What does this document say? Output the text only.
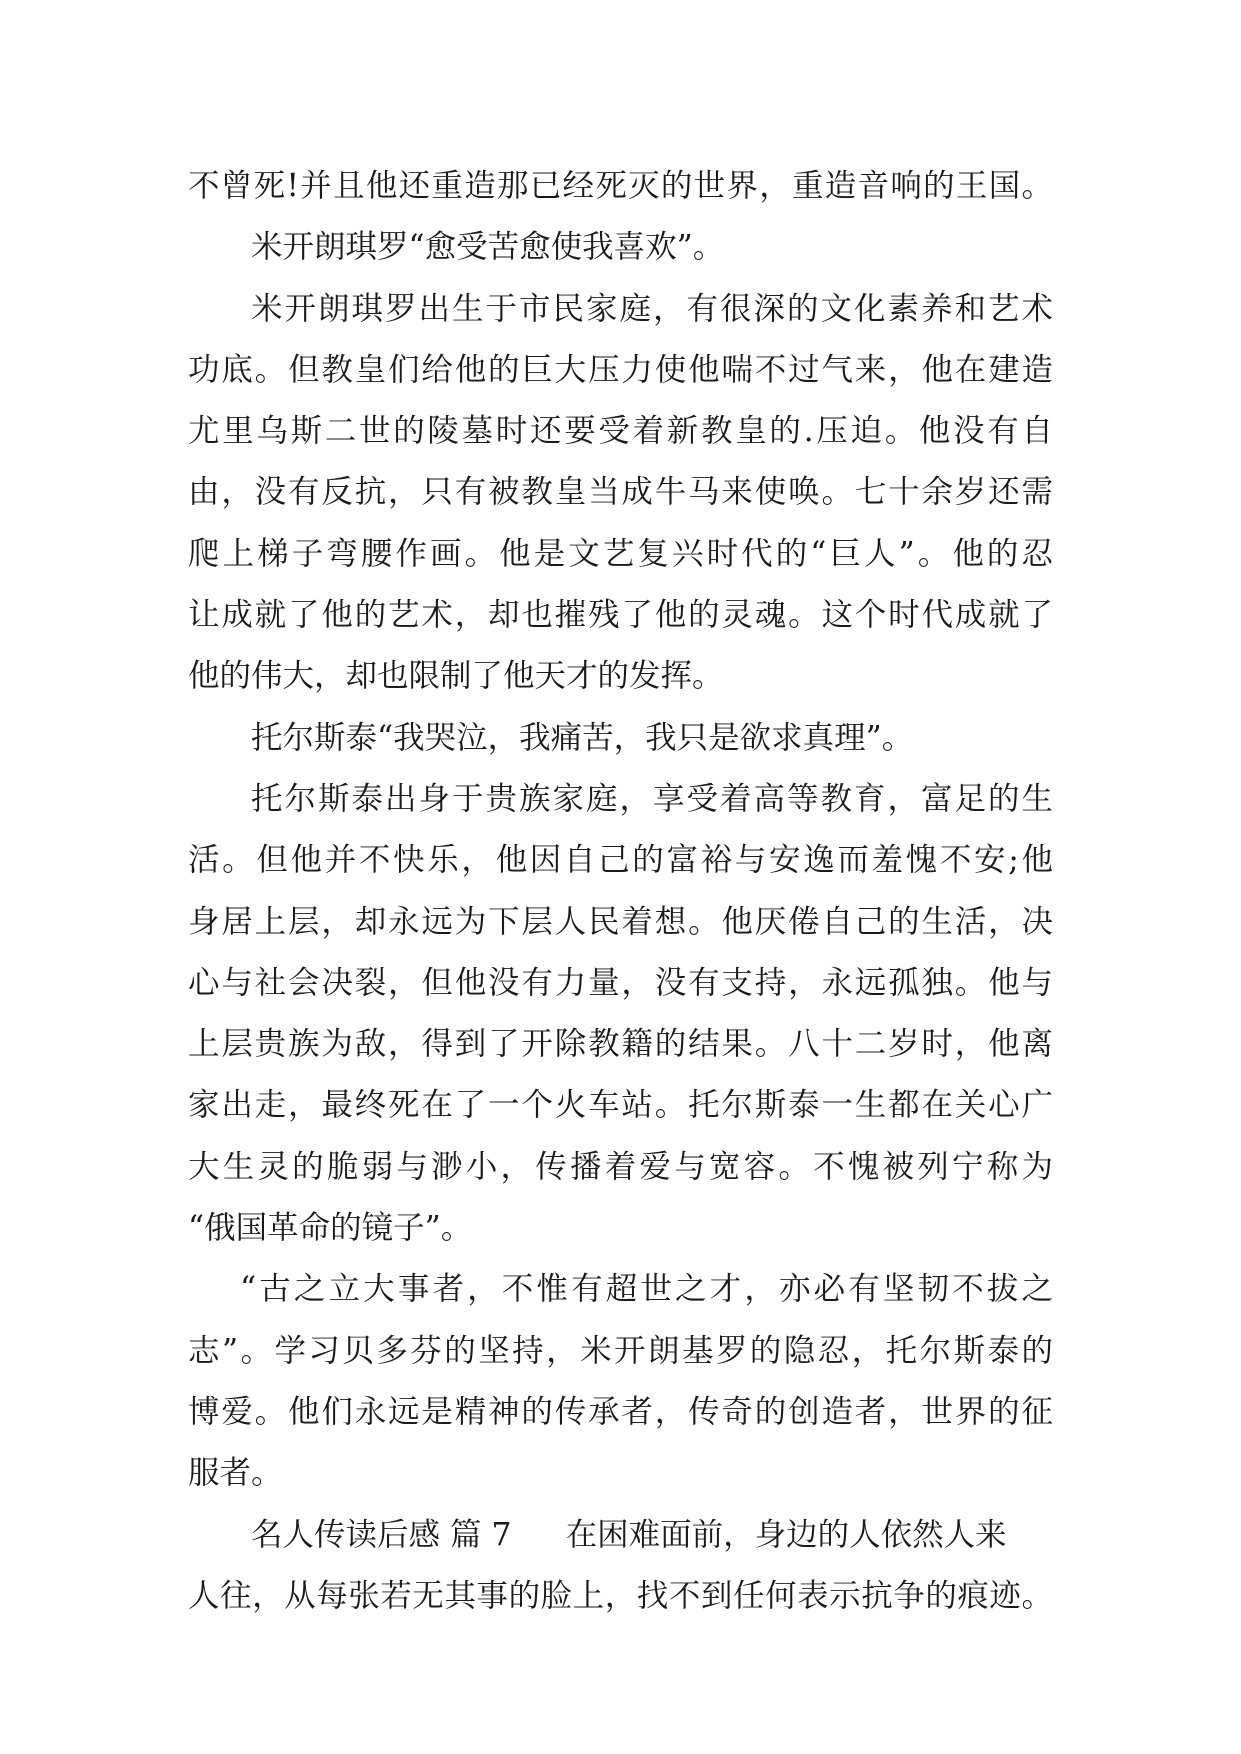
不曾死!并且他还重造那已经死灭的世界，重造音响的王国。
米开朗琪罗“愈受苦愈使我喜欢”。
米开朗琪罗出生于市民家庭，有很深的文化素养和艺术
功底。但教皇们给他的巨大压力使他喘不过气来，他在建造
尤里乌斯二世的陵墓时还要受着新教皇的.压迫。他没有自
由，没有反抗，只有被教皇当成牛马来使唤。七十余岁还需
爬上梯子弯腰作画。他是文艺复兴时代的“巨人”。他的忍
让成就了他的艺术，却也摧残了他的灵魂。这个时代成就了
他的伟大，却也限制了他天才的发挥。
托尔斯泰“我哭泣，我痛苦，我只是欲求真理”。
托尔斯泰出身于贵族家庭，享受着高等教育，富足的生
活。但他并不快乐，他因自己的富裕与安逸而羞愧不安;他
身居上层，却永远为下层人民着想。他厌倦自己的生活，决
心与社会决裂，但他没有力量，没有支持，永远孤独。他与
上层贵族为敌，得到了开除教籍的结果。八十二岁时，他离
家出走，最终死在了一个火车站。托尔斯泰一生都在关心广
大生灵的脆弱与渺小，传播着爱与宽容。不愧被列宁称为
“俄国革命的镜子”。
“古之立大事者，不惟有超世之才，亦必有坚韧不拔之
志”。学习贝多芬的坚持，米开朗基罗的隐忍，托尔斯泰的
博爱。他们永远是精神的传承者，传奇的创造者，世界的征
服者。
名人传读后感 篇 7 在困难面前，身边的人依然人来
人往，从每张若无其事的脸上，找不到任何表示抗争的痕迹。
